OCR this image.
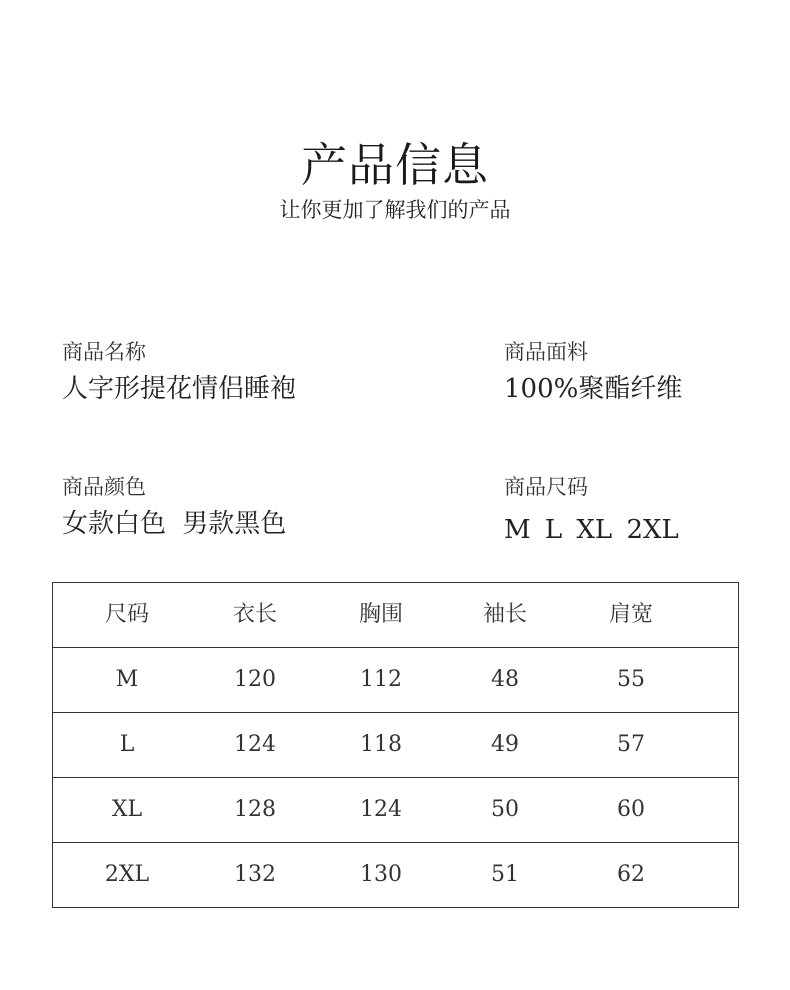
产品信息
让你更加了解我们的产品
商品名称
人字形提花情侣睡袍
商品面料
100%聚酯纤维
商品颜色
女款白色 男款黑色
商品尺码
M L XL 2XL
尺码	衣长	胸围	袖长	肩宽
M	120	112	48	55
L	124	118	49	57
XL	128	124	50	60
2XL	132	130	51	62
